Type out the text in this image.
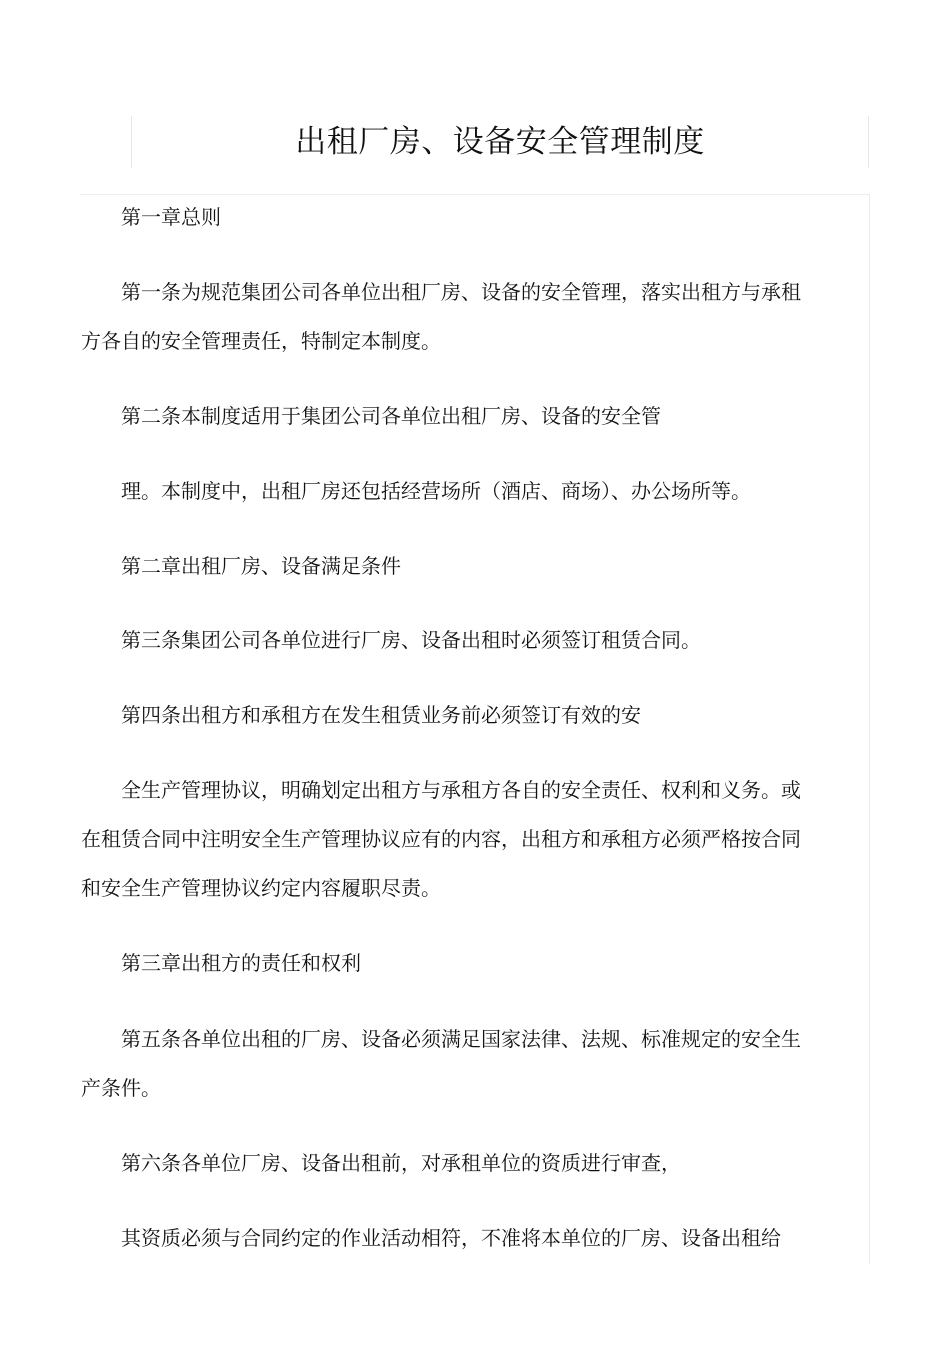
出租厂房、设备安全管理制度

第一章总则

第一条为规范集团公司各单位出租厂房、设备的安全管理，落实出租方与承租方各自的安全管理责任，特制定本制度。

第二条本制度适用于集团公司各单位出租厂房、设备的安全管

理。本制度中，出租厂房还包括经营场所（酒店、商场）、办公场所等。

第二章出租厂房、设备满足条件

第三条集团公司各单位进行厂房、设备出租时必须签订租赁合同。

第四条出租方和承租方在发生租赁业务前必须签订有效的安

全生产管理协议，明确划定出租方与承租方各自的安全责任、权利和义务。或在租赁合同中注明安全生产管理协议应有的内容，出租方和承租方必须严格按合同和安全生产管理协议约定内容履职尽责。

第三章出租方的责任和权利

第五条各单位出租的厂房、设备必须满足国家法律、法规、标准规定的安全生产条件。

第六条各单位厂房、设备出租前，对承租单位的资质进行审查，

其资质必须与合同约定的作业活动相符，不准将本单位的厂房、设备出租给
